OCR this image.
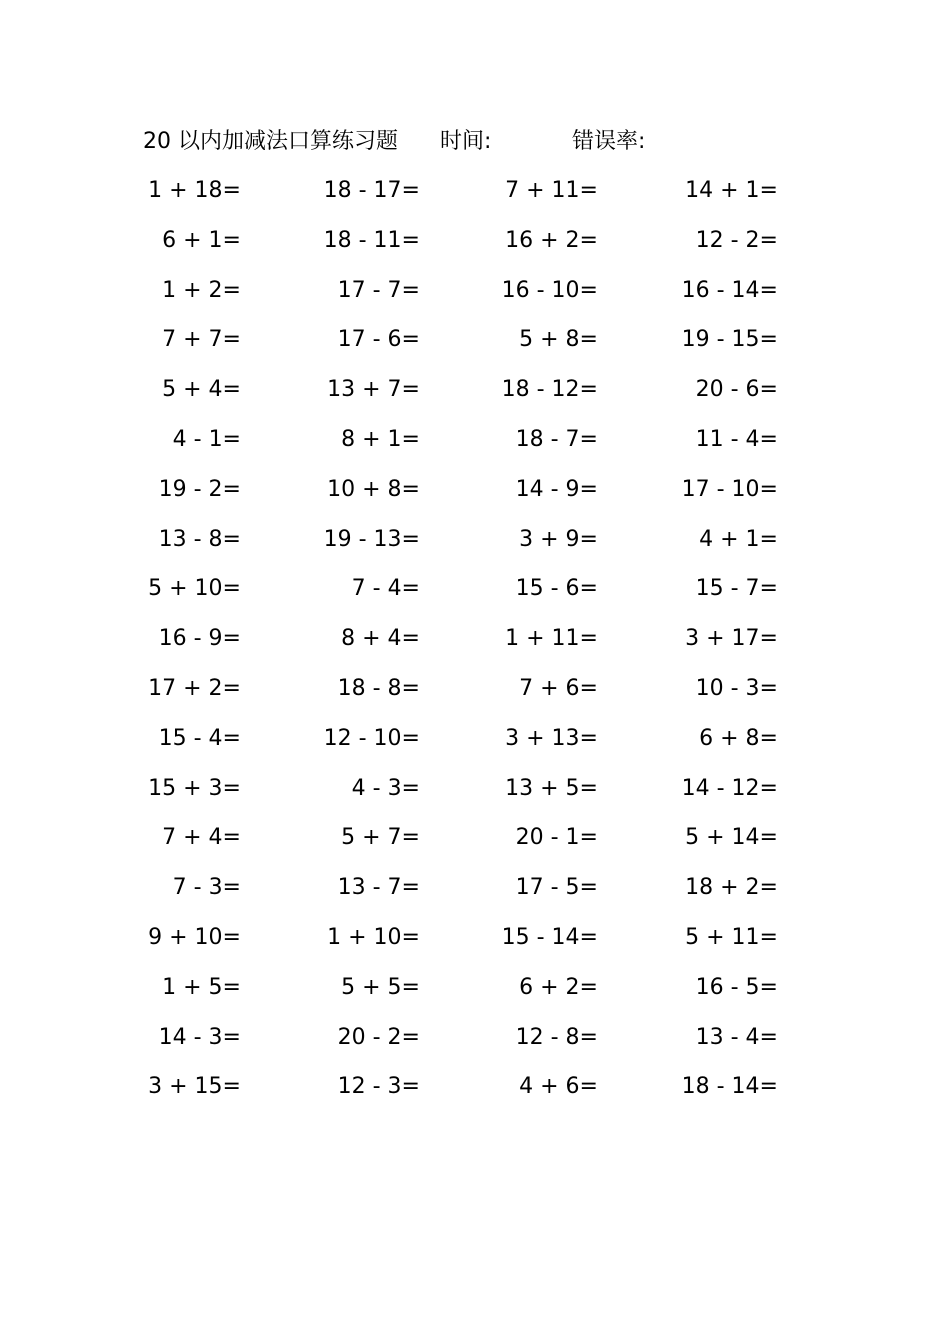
20 以内加减法口算练习题 时间:	错误率:
1 + 18=	18 - 17=	7 + 11=	14 + 1=
6 + 1=	18 - 11=	16 + 2=	12 - 2=
1 + 2=	17 - 7=	16 - 10=	16 - 14=
7 + 7=	17 - 6=	5 + 8=	19 - 15=
5 + 4=	13 + 7=	18 - 12=	20 - 6=
4 - 1=	8 + 1=	18 - 7=	11 - 4=
19 - 2=	10 + 8=	14 - 9=	17 - 10=
13 - 8=	19 - 13=	3 + 9=	4 + 1=
5 + 10=	7 - 4=	15 - 6=	15 - 7=
16 - 9=	8 + 4=	1 + 11=	3 + 17=
17 + 2=	18 - 8=	7 + 6=	10 - 3=
15 - 4=	12 - 10=	3 + 13=	6 + 8=
15 + 3=	4 - 3=	13 + 5=	14 - 12=
7 + 4=	5 + 7=	20 - 1=	5 + 14=
7 - 3=	13 - 7=	17 - 5=	18 + 2=
9 + 10=	1 + 10=	15 - 14=	5 + 11=
1 + 5=	5 + 5=	6 + 2=	16 - 5=
14 - 3=	20 - 2=	12 - 8=	13 - 4=
3 + 15=	12 - 3=	4 + 6=	18 - 14=
